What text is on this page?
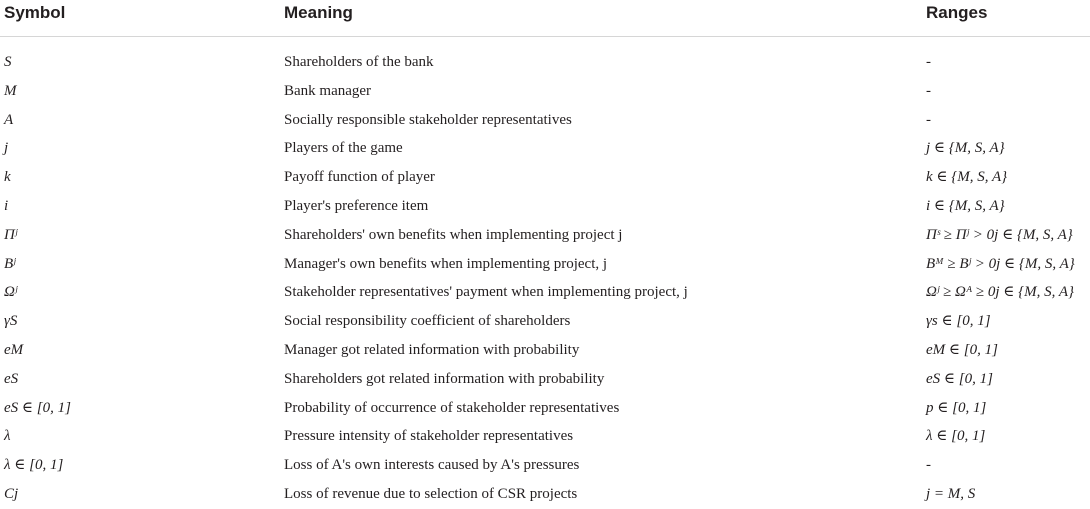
Symbol	Meaning	Ranges
S	Shareholders of the bank	-
M	Bank manager	-
A	Socially responsible stakeholder representatives	-
j	Players of the game	j ∈ {M, S, A}
k	Payoff function of player	k ∈ {M, S, A}
i	Player's preference item	i ∈ {M, S, A}
Πʲ	Shareholders' own benefits when implementing project j	Πˢ ≥ Πʲ > 0j ∈ {M, S, A}
Bʲ	Manager's own benefits when implementing project, j	Bᴹ ≥ Bʲ > 0j ∈ {M, S, A}
Ωʲ	Stakeholder representatives' payment when implementing project, j	Ωʲ ≥ Ωᴬ ≥ 0j ∈ {M, S, A}
γS	Social responsibility coefficient of shareholders	γs ∈ [0, 1]
eM	Manager got related information with probability	eM ∈ [0, 1]
eS	Shareholders got related information with probability	eS ∈ [0, 1]
eS ∈ [0, 1]	Probability of occurrence of stakeholder representatives	p ∈ [0, 1]
λ	Pressure intensity of stakeholder representatives	λ ∈ [0, 1]
λ ∈ [0, 1]	Loss of A's own interests caused by A's pressures	-
Cj	Loss of revenue due to selection of CSR projects	j = M, S
